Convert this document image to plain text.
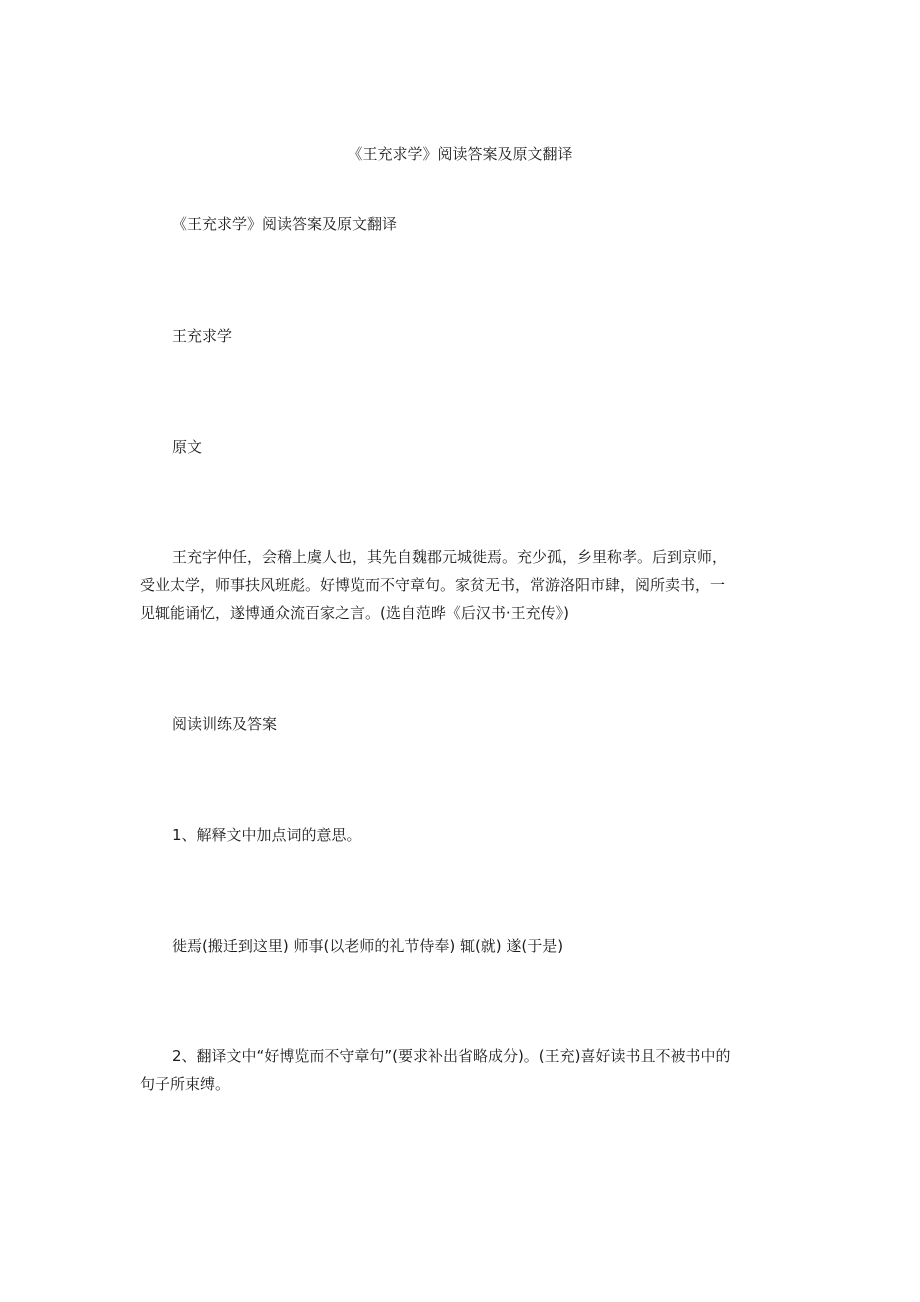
《王充求学》阅读答案及原文翻译
《王充求学》阅读答案及原文翻译
王充求学
原文
王充字仲任，会稽上虞人也，其先自魏郡元城徙焉。充少孤，乡里称孝。后到京师，
受业太学，师事扶风班彪。好博览而不守章句。家贫无书，常游洛阳市肆，阅所卖书，一
见辄能诵忆，遂博通众流百家之言。(选自范晔《后汉书·王充传》)
阅读训练及答案
1、解释文中加点词的意思。
徙焉(搬迁到这里) 师事(以老师的礼节侍奉) 辄(就) 遂(于是)
2、翻译文中“好博览而不守章句”(要求补出省略成分)。(王充)喜好读书且不被书中的
句子所束缚。
